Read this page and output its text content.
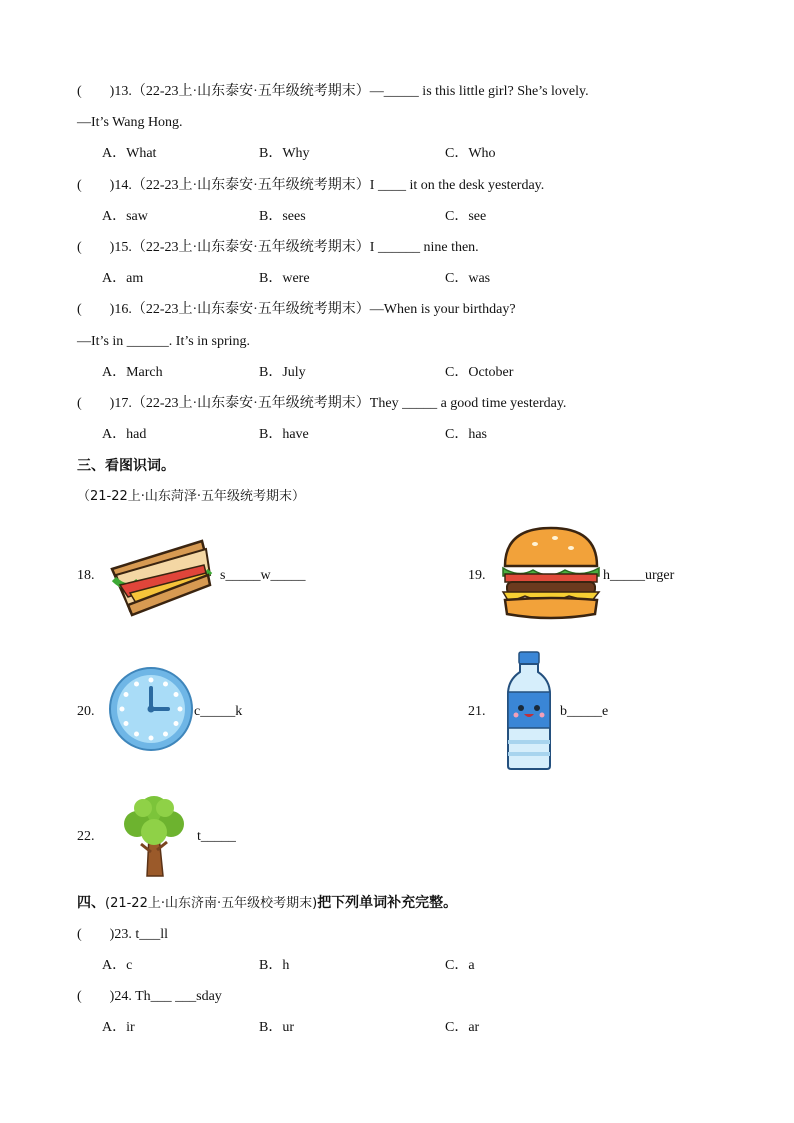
(　　)13.（22-23上·山东泰安·五年级统考期末）—_____ is this little girl? She’s lovely.
—It’s Wang Hong.
A．What	B．Why	C．Who
(　　)14.（22-23上·山东泰安·五年级统考期末）I ____ it on the desk yesterday.
A．saw	B．sees	C．see
(　　)15.（22-23上·山东泰安·五年级统考期末）I ______ nine then.
A．am	B．were	C．was
(　　)16.（22-23上·山东泰安·五年级统考期末）—When is your birthday?
—It’s in ______. It’s in spring.
A．March	B．July	C．October
(　　)17.（22-23上·山东泰安·五年级统考期末）They _____ a good time yesterday.
A．had	B．have	C．has
三、看图识词。
（21-22上·山东菏泽·五年级统考期末）
18.	s_____w_____	19.	h_____urger
20.	c_____k	21.	b_____e
22.	t_____
四、(21-22上·山东济南·五年级校考期末)把下列单词补充完整。
(　　)23. t___ll
A．c	B．h	C．a
(　　)24. Th___ ___sday
A．ir	B．ur	C．ar
